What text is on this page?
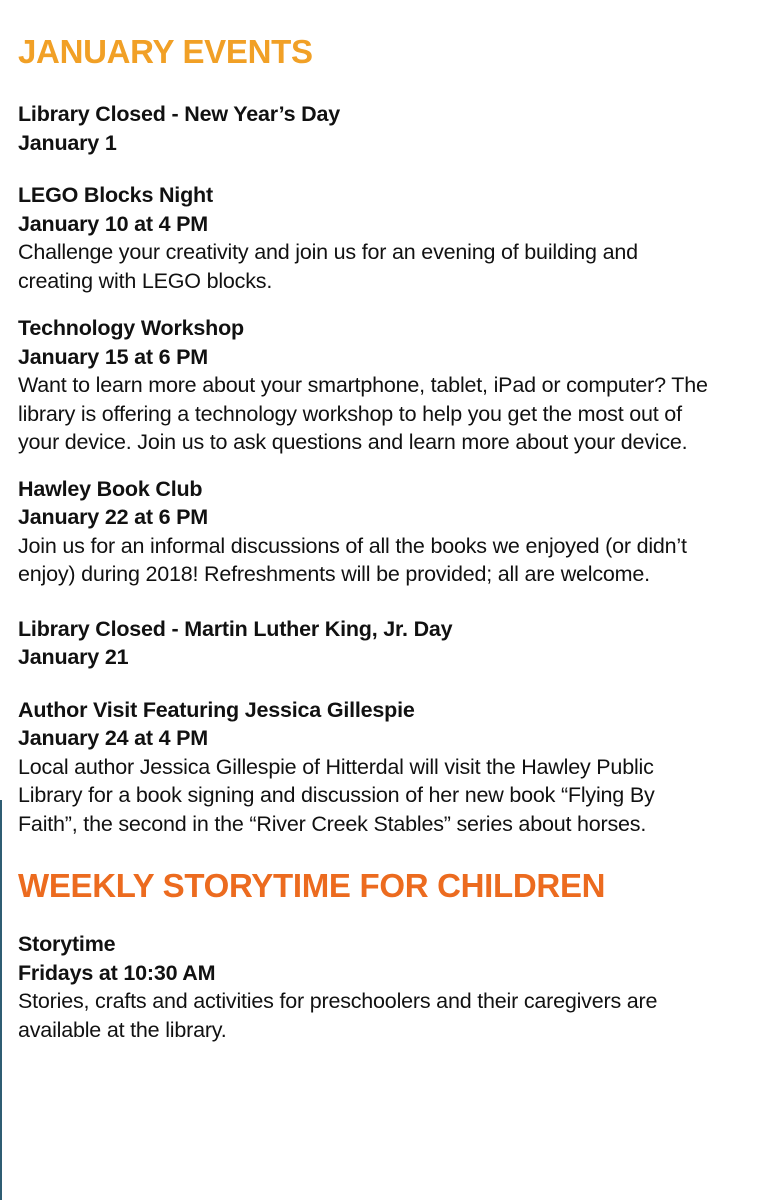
JANUARY EVENTS
Library Closed - New Year’s Day
January 1
LEGO Blocks Night
January 10 at 4 PM
Challenge your creativity and join us for an evening of building and creating with LEGO blocks.
Technology Workshop
January 15 at 6 PM
Want to learn more about your smartphone, tablet, iPad or computer? The library is offering a technology workshop to help you get the most out of your device. Join us to ask questions and learn more about your device.
Hawley Book Club
January 22 at 6 PM
Join us for an informal discussions of all the books we enjoyed (or didn’t enjoy) during 2018! Refreshments will be provided; all are welcome.
Library Closed - Martin Luther King, Jr. Day
January 21
Author Visit Featuring Jessica Gillespie
January 24 at 4 PM
Local author Jessica Gillespie of Hitterdal will visit the Hawley Public Library for a book signing and discussion of her new book “Flying By Faith”, the second in the “River Creek Stables” series about horses.
WEEKLY STORYTIME FOR CHILDREN
Storytime
Fridays at 10:30 AM
Stories, crafts and activities for preschoolers and their caregivers are available at the library.
